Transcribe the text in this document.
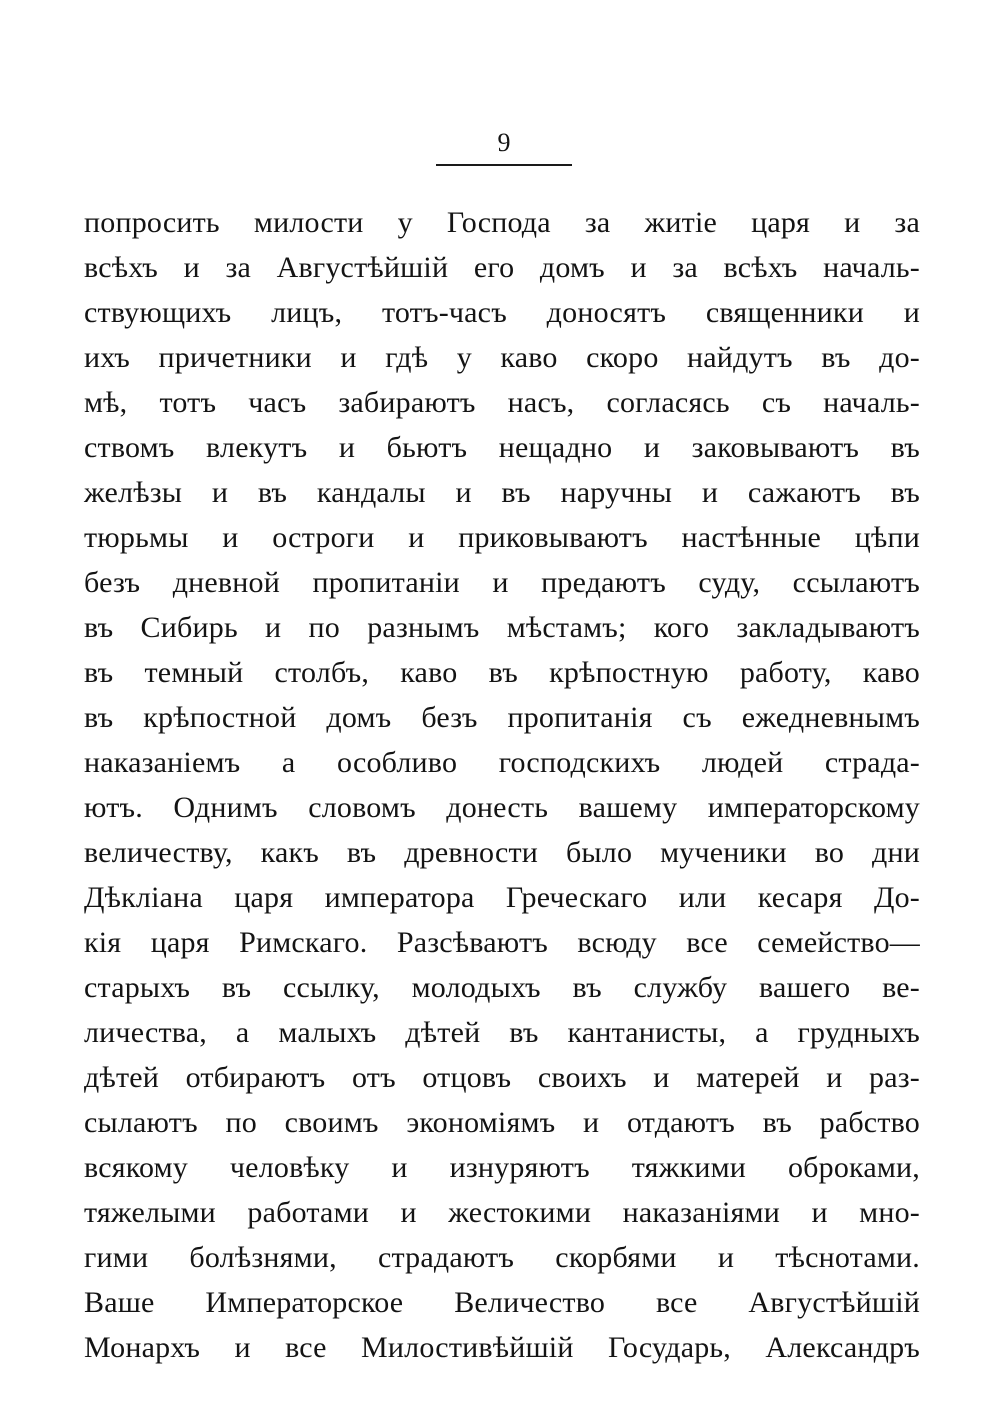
9
попросить милости у Господа за житіе царя и за
всѣхъ и за Августѣйшій его домъ и за всѣхъ началь-
ствующихъ лицъ, тотъ-часъ доносятъ священники и
ихъ причетники и гдѣ у каво скоро найдутъ въ до-
мѣ, тотъ часъ забираютъ насъ, согласясь съ началь-
ствомъ влекутъ и бьютъ нещадно и заковываютъ въ
желѣзы и въ кандалы и въ наручны и сажаютъ въ
тюрьмы и остроги и приковываютъ настѣнные цѣпи
безъ дневной пропитаніи и предаютъ суду, ссылаютъ
въ Сибирь и по разнымъ мѣстамъ; кого закладываютъ
въ темный столбъ, каво въ крѣпостную работу, каво
въ крѣпостной домъ безъ пропитанія съ ежедневнымъ
наказаніемъ а особливо господскихъ людей страда-
ютъ. Однимъ словомъ донесть вашему императорскому
величеству, какъ въ древности было мученики во дни
Дѣкліана царя императора Греческаго или кесаря До-
кія царя Римскаго. Разсѣваютъ всюду все семейство—
старыхъ въ ссылку, молодыхъ въ службу вашего ве-
личества, а малыхъ дѣтей въ кантанисты, а грудныхъ
дѣтей отбираютъ отъ отцовъ своихъ и матерей и раз-
сылаютъ по своимъ экономіямъ и отдаютъ въ рабство
всякому человѣку и изнуряютъ тяжкими оброками,
тяжелыми работами и жестокими наказаніями и мно-
гими болѣзнями, страдаютъ скорбями и тѣснотами.
Ваше Императорское Величество все Августѣйшій
Монархъ и все Милостивѣйшій Государь, Александръ
